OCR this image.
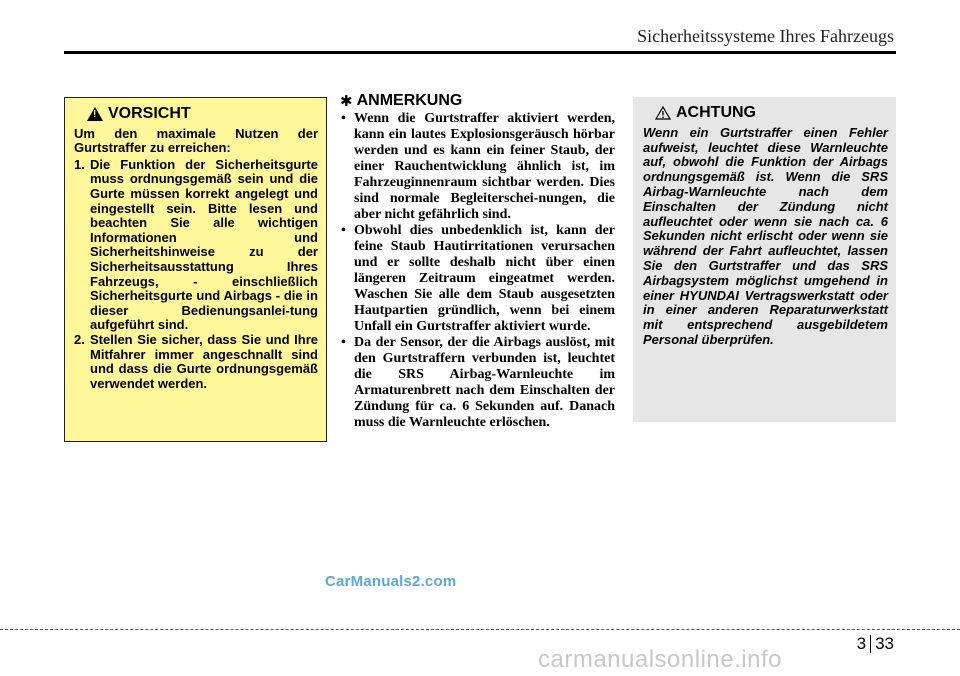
Sicherheitssysteme Ihres Fahrzeugs
!
VORSICHT
Um den maximale Nutzen der Gurtstraffer zu erreichen:
1. Die Funktion der Sicherheitsgurte muss ordnungsgemäß sein und die Gurte müssen korrekt angelegt und eingestellt sein. Bitte lesen und beachten Sie alle wichtigen Informationen und Sicherheitshinweise zu der Sicherheitsausstattung Ihres Fahrzeugs, - einschließlich Sicherheitsgurte und Airbags - die in dieser Bedienungsanlei-tung aufgeführt sind.
2. Stellen Sie sicher, dass Sie und Ihre Mitfahrer immer angeschnallt sind und dass die Gurte ordnungsgemäß verwendet werden.
✱ ANMERKUNG
• Wenn die Gurtstraffer aktiviert werden, kann ein lautes Explosionsgeräusch hörbar werden und es kann ein feiner Staub, der einer Rauchentwicklung ähnlich ist, im Fahrzeuginnenraum sichtbar werden. Dies sind normale Begleiterschei-nungen, die aber nicht gefährlich sind.
• Obwohl dies unbedenklich ist, kann der feine Staub Hautirritationen verursachen und er sollte deshalb nicht über einen längeren Zeitraum eingeatmet werden. Waschen Sie alle dem Staub ausgesetzten Hautpartien gründlich, wenn bei einem Unfall ein Gurtstraffer aktiviert wurde.
• Da der Sensor, der die Airbags auslöst, mit den Gurtstraffern verbunden ist, leuchtet die SRS Airbag-Warnleuchte im Armaturenbrett nach dem Einschalten der Zündung für ca. 6 Sekunden auf. Danach muss die Warnleuchte erlöschen.
ACHTUNG
Wenn ein Gurtstraffer einen Fehler aufweist, leuchtet diese Warnleuchte auf, obwohl die Funktion der Airbags ordnungsgemäß ist. Wenn die SRS Airbag-Warnleuchte nach dem Einschalten der Zündung nicht aufleuchtet oder wenn sie nach ca. 6 Sekunden nicht erlischt oder wenn sie während der Fahrt aufleuchtet, lassen Sie den Gurtstraffer und das SRS Airbagsystem möglichst umgehend in einer HYUNDAI Vertragswerkstatt oder in einer anderen Reparaturwerkstatt mit entsprechend ausgebildetem Personal überprüfen.
CarManuals2.com
3 33
carmanualsonline.info
